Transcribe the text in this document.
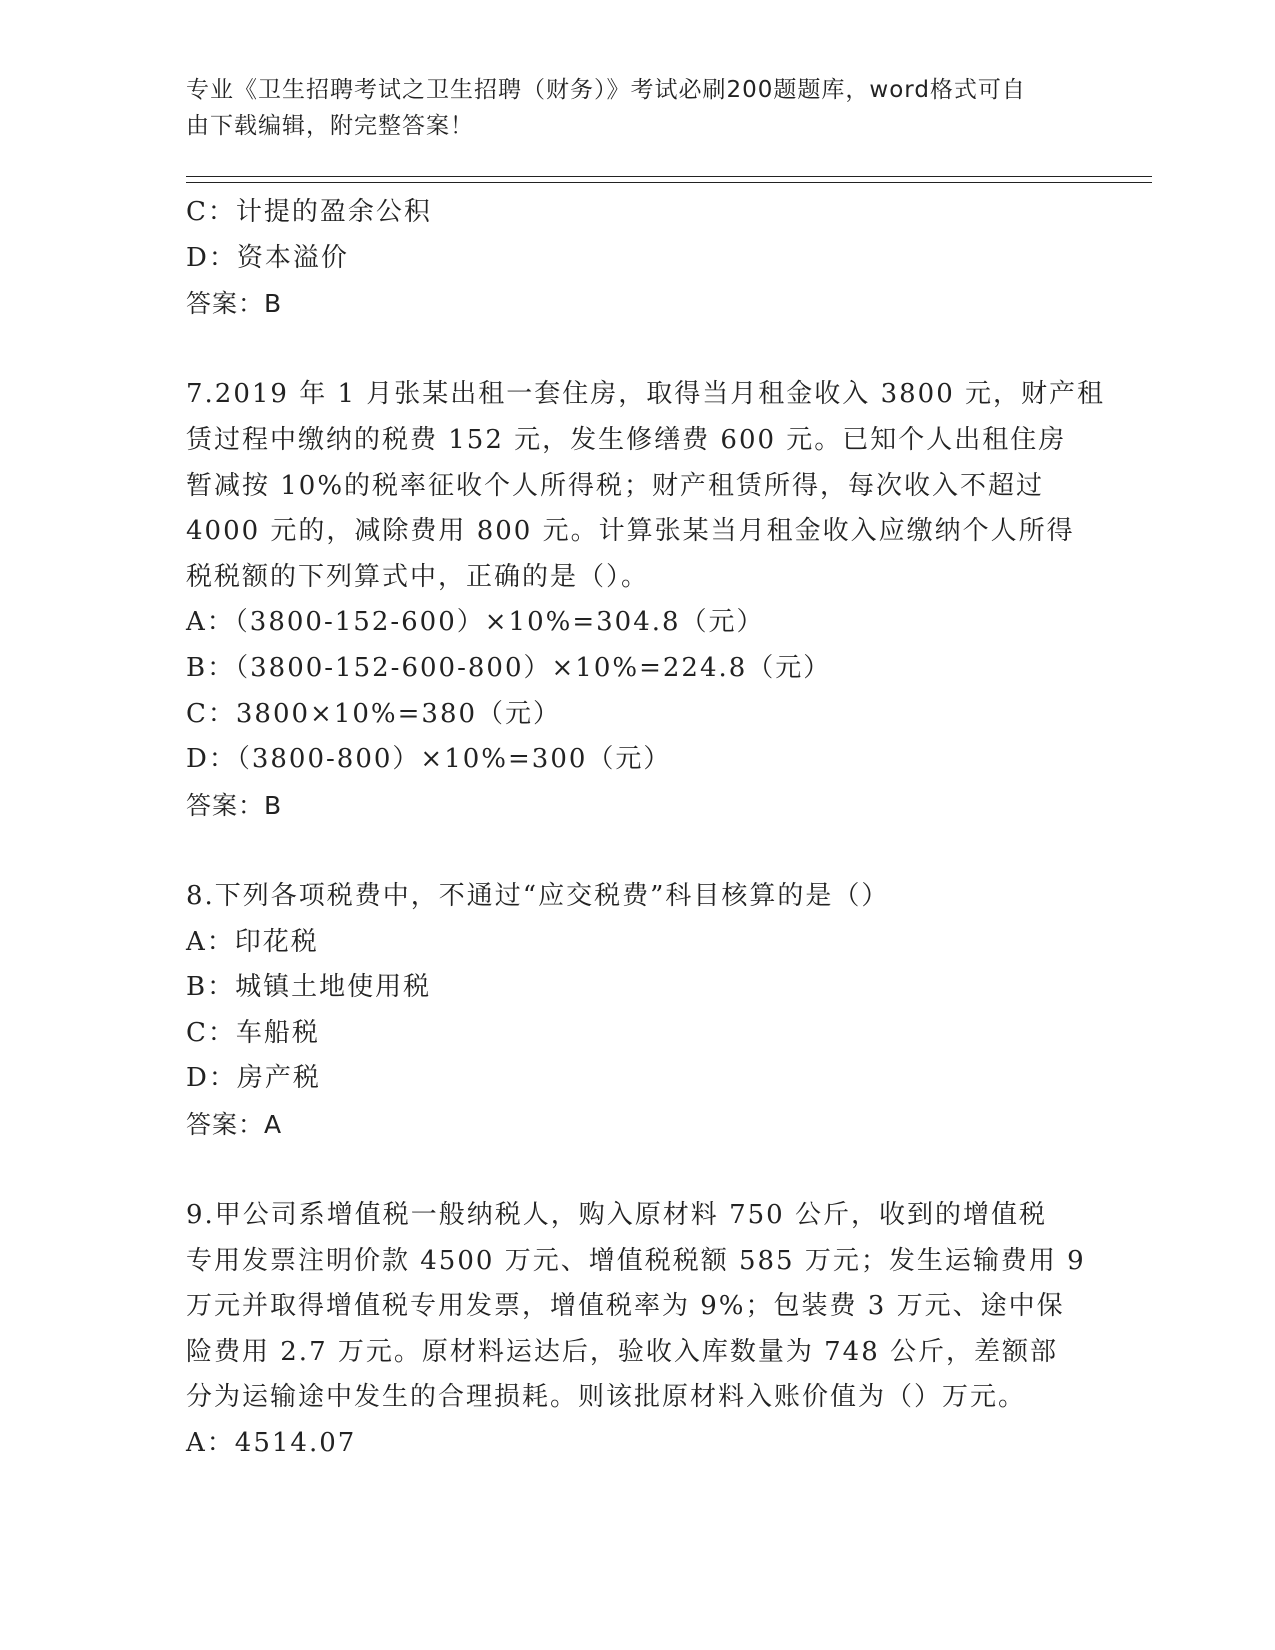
专业《卫生招聘考试之卫生招聘（财务）》考试必刷200题题库，word格式可自
由下载编辑，附完整答案！
C：计提的盈余公积
D：资本溢价
答案：B
7.2019 年 1 月张某出租一套住房，取得当月租金收入 3800 元，财产租
赁过程中缴纳的税费 152 元，发生修缮费 600 元。已知个人出租住房
暂减按 10%的税率征收个人所得税；财产租赁所得，每次收入不超过
4000 元的，减除费用 800 元。计算张某当月租金收入应缴纳个人所得
税税额的下列算式中，正确的是（）。
A：（3800-152-600）×10%=304.8（元）
B：（3800-152-600-800）×10%=224.8（元）
C：3800×10%=380（元）
D：（3800-800）×10%=300（元）
答案：B
8.下列各项税费中，不通过“应交税费”科目核算的是（）
A：印花税
B：城镇土地使用税
C：车船税
D：房产税
答案：A
9.甲公司系增值税一般纳税人，购入原材料 750 公斤，收到的增值税
专用发票注明价款 4500 万元、增值税税额 585 万元；发生运输费用 9
万元并取得增值税专用发票，增值税率为 9%；包装费 3 万元、途中保
险费用 2.7 万元。原材料运达后，验收入库数量为 748 公斤，差额部
分为运输途中发生的合理损耗。则该批原材料入账价值为（）万元。
A：4514.07
